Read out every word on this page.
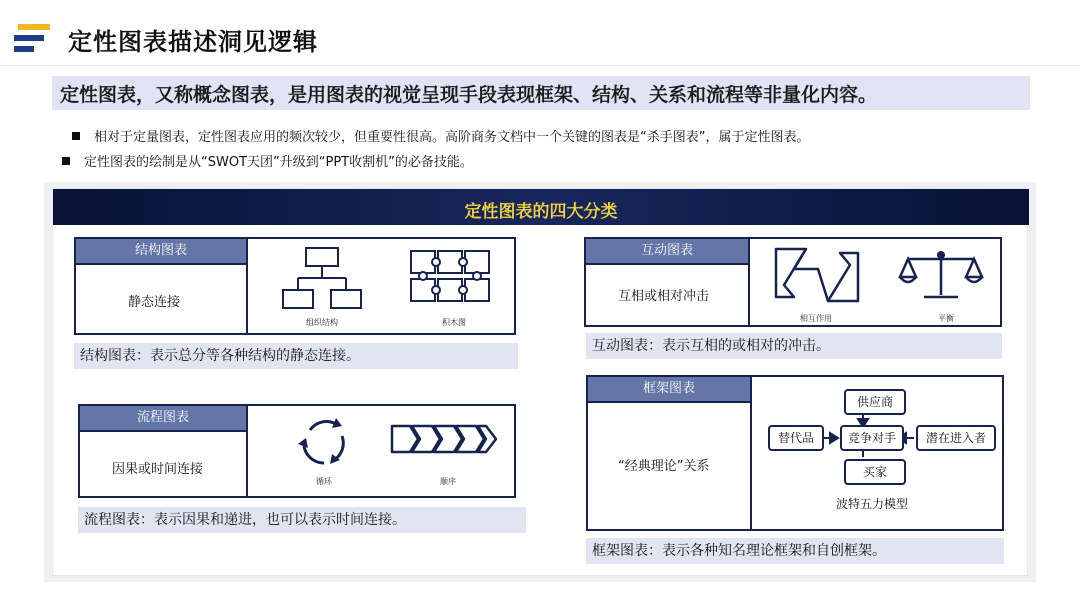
定性图表描述洞见逻辑
定性图表，又称概念图表，是用图表的视觉呈现手段表现框架、结构、关系和流程等非量化内容。
相对于定量图表，定性图表应用的频次较少，但重要性很高。高阶商务文档中一个关键的图表是“杀手图表”，属于定性图表。
定性图表的绘制是从“SWOT天团”升级到“PPT收割机”的必备技能。
定性图表的四大分类
结构图表
静态连接
组织结构	积木图
结构图表：表示总分等各种结构的静态连接。
互动图表
互相或相对冲击
相互作用	平衡
互动图表：表示互相的或相对的冲击。
流程图表
因果或时间连接
循环	顺序
流程图表：表示因果和递进，也可以表示时间连接。
框架图表
“经典理论”关系
供应商
替代品	竞争对手	潜在进入者
买家
波特五力模型
框架图表：表示各种知名理论框架和自创框架。
